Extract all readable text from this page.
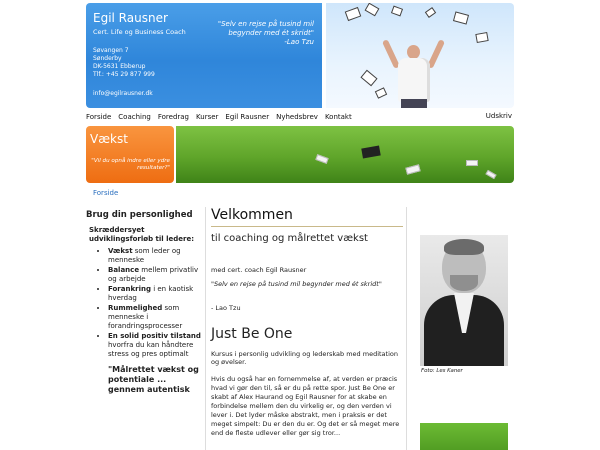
Egil Rausner
Cert. Life og Business Coach
Søvangen 7
Sønderby
DK-5631 Ebberup
Tlf.: +45 29 877 999
info@egilrausner.dk
"Selv en rejse på tusind mil begynder med ét skridt"
-Lao Tzu
Forside Coaching Foredrag Kurser Egil Rausner Nyhedsbrev Kontakt	Udskriv
Vækst
"Vil du opnå indre eller ydre resultater?"
Forside
Brug din personlighed
Skræddersyet udviklingsforløb til ledere:
• Vækst som leder og menneske
• Balance mellem privatliv og arbejde
• Forankring i en kaotisk hverdag
• Rummelighed som menneske i forandringsprocesser
• En solid positiv tilstand hvorfra du kan håndtere stress og pres optimalt
"Målrettet vækst og potentiale ... gennem autentisk
Velkommen
til coaching og målrettet vækst
med cert. coach Egil Rausner
"Selv en rejse på tusind mil begynder med ét skridt"
- Lao Tzu
Just Be One
Kursus i personlig udvikling og lederskab med meditation og øvelser.
Hvis du også har en fornemmelse af, at verden er præcis hvad vi gør den til, så er du på rette spor. Just Be One er skabt af Alex Haurand og Egil Rausner for at skabe en forbindelse mellem den du virkelig er, og den verden vi lever i. Det lyder måske abstrakt, men i praksis er det meget simpelt: Du er den du er. Og det er så meget mere end de fleste udlever eller gør sig tror...
Foto: Les Kaner
